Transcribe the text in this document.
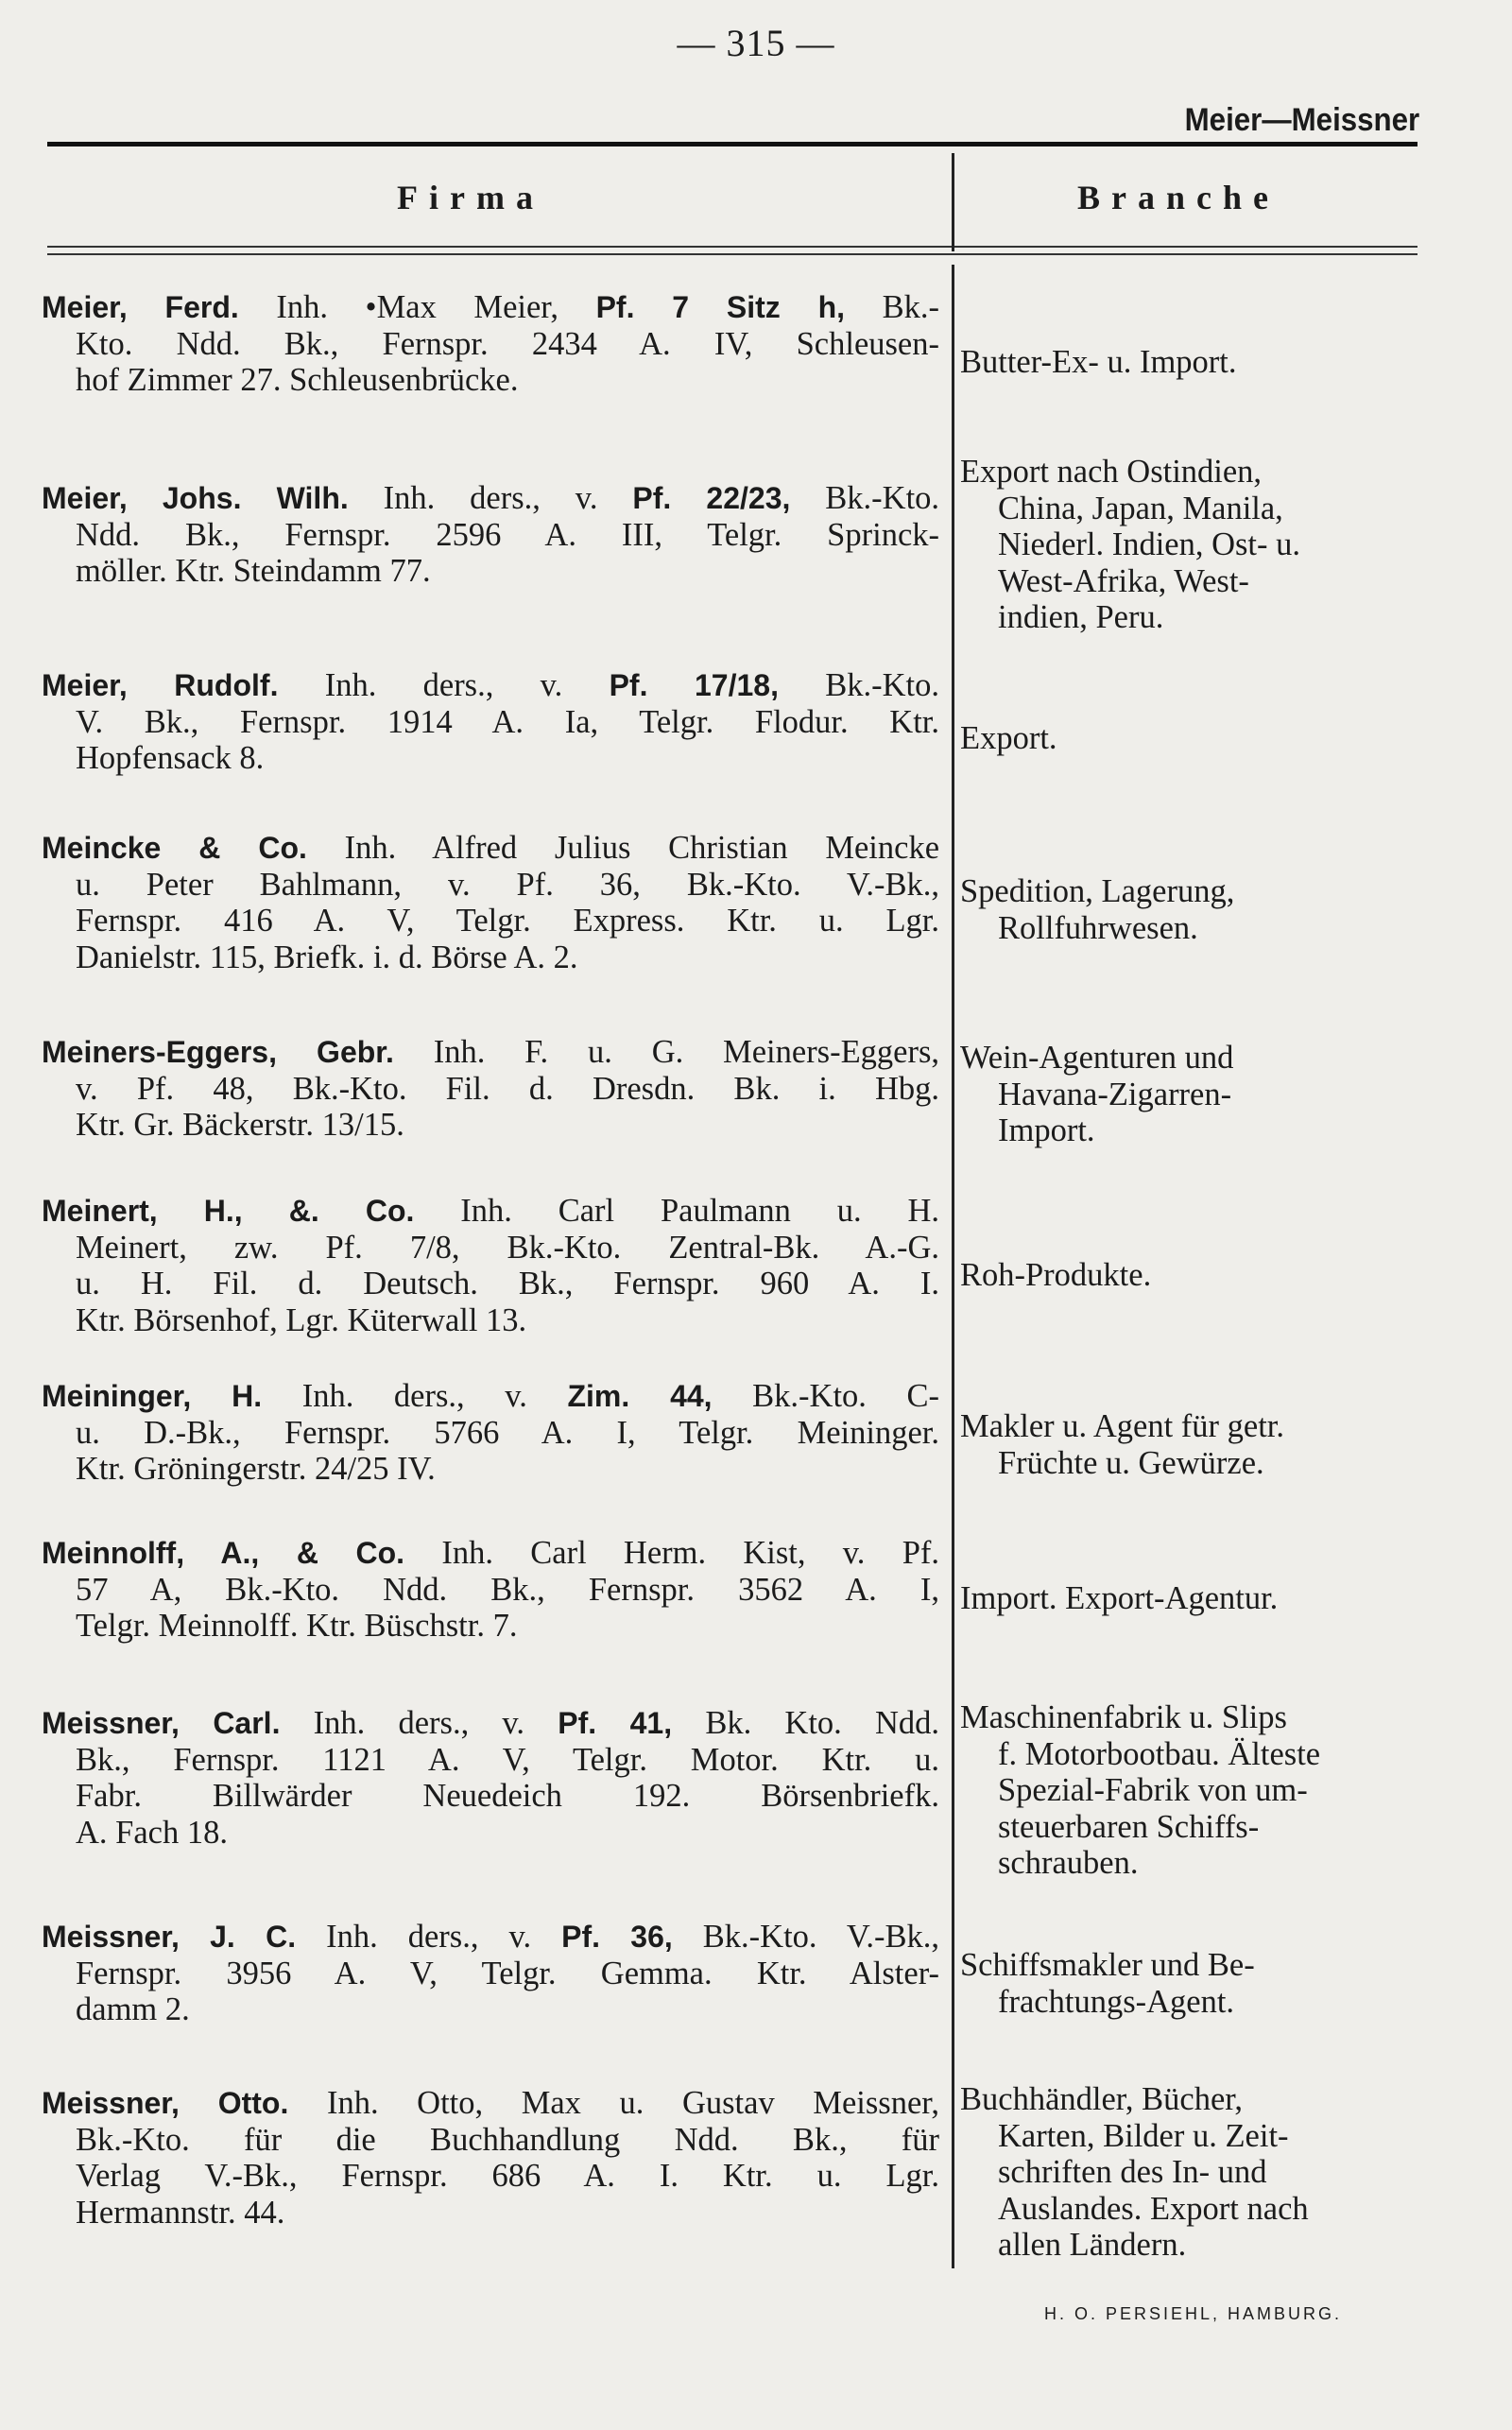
— 315 —
Meier—Meissner
Firma	Branche
Meier, Ferd. Inh. •Max Meier, Pf. 7 Sitz h, Bk.-
Kto. Ndd. Bk., Fernspr. 2434 A. IV, Schleusen-
hof Zimmer 27. Schleusenbrücke.	Butter-Ex- u. Import.
Meier, Johs. Wilh. Inh. ders., v. Pf. 22/23, Bk.-Kto.
Ndd. Bk., Fernspr. 2596 A. III, Telgr. Sprinck-
möller. Ktr. Steindamm 77.
Export nach Ostindien,
China, Japan, Manila,
Niederl. Indien, Ost- u.
West-Afrika, West-
indien, Peru.
Meier, Rudolf. Inh. ders., v. Pf. 17/18, Bk.-Kto.
V. Bk., Fernspr. 1914 A. Ia, Telgr. Flodur. Ktr.
Hopfensack 8.
Export.
Meincke & Co. Inh. Alfred Julius Christian Meincke
u. Peter Bahlmann, v. Pf. 36, Bk.-Kto. V.-Bk.,
Fernspr. 416 A. V, Telgr. Express. Ktr. u. Lgr.
Danielstr. 115, Briefk. i. d. Börse A. 2.
Spedition, Lagerung,
Rollfuhrwesen.
Meiners-Eggers, Gebr. Inh. F. u. G. Meiners-Eggers,
v. Pf. 48, Bk.-Kto. Fil. d. Dresdn. Bk. i. Hbg.
Ktr. Gr. Bäckerstr. 13/15.
Wein-Agenturen und
Havana-Zigarren-
Import.
Meinert, H., &. Co. Inh. Carl Paulmann u. H.
Meinert, zw. Pf. 7/8, Bk.-Kto. Zentral-Bk. A.-G.
u. H. Fil. d. Deutsch. Bk., Fernspr. 960 A. I.
Ktr. Börsenhof, Lgr. Küterwall 13.
Roh-Produkte.
Meininger, H. Inh. ders., v. Zim. 44, Bk.-Kto. C-
u. D.-Bk., Fernspr. 5766 A. I, Telgr. Meininger.
Ktr. Gröningerstr. 24/25 IV.
Makler u. Agent für getr.
Früchte u. Gewürze.
Meinnolff, A., & Co. Inh. Carl Herm. Kist, v. Pf.
57 A, Bk.-Kto. Ndd. Bk., Fernspr. 3562 A. I,
Telgr. Meinnolff. Ktr. Büschstr. 7.
Import. Export-Agentur.
Meissner, Carl. Inh. ders., v. Pf. 41, Bk. Kto. Ndd.
Bk., Fernspr. 1121 A. V, Telgr. Motor. Ktr. u.
Fabr. Billwärder Neuedeich 192. Börsenbriefk.
A. Fach 18.
Maschinenfabrik u. Slips
f. Motorbootbau. Älteste
Spezial-Fabrik von um-
steuerbaren Schiffs-
schrauben.
Meissner, J. C. Inh. ders., v. Pf. 36, Bk.-Kto. V.-Bk.,
Fernspr. 3956 A. V, Telgr. Gemma. Ktr. Alster-
damm 2.
Schiffsmakler und Be-
frachtungs-Agent.
Meissner, Otto. Inh. Otto, Max u. Gustav Meissner,
Bk.-Kto. für die Buchhandlung Ndd. Bk., für
Verlag V.-Bk., Fernspr. 686 A. I. Ktr. u. Lgr.
Hermannstr. 44.
Buchhändler, Bücher,
Karten, Bilder u. Zeit-
schriften des In- und
Auslandes. Export nach
allen Ländern.
H. O. PERSIEHL, HAMBURG.
